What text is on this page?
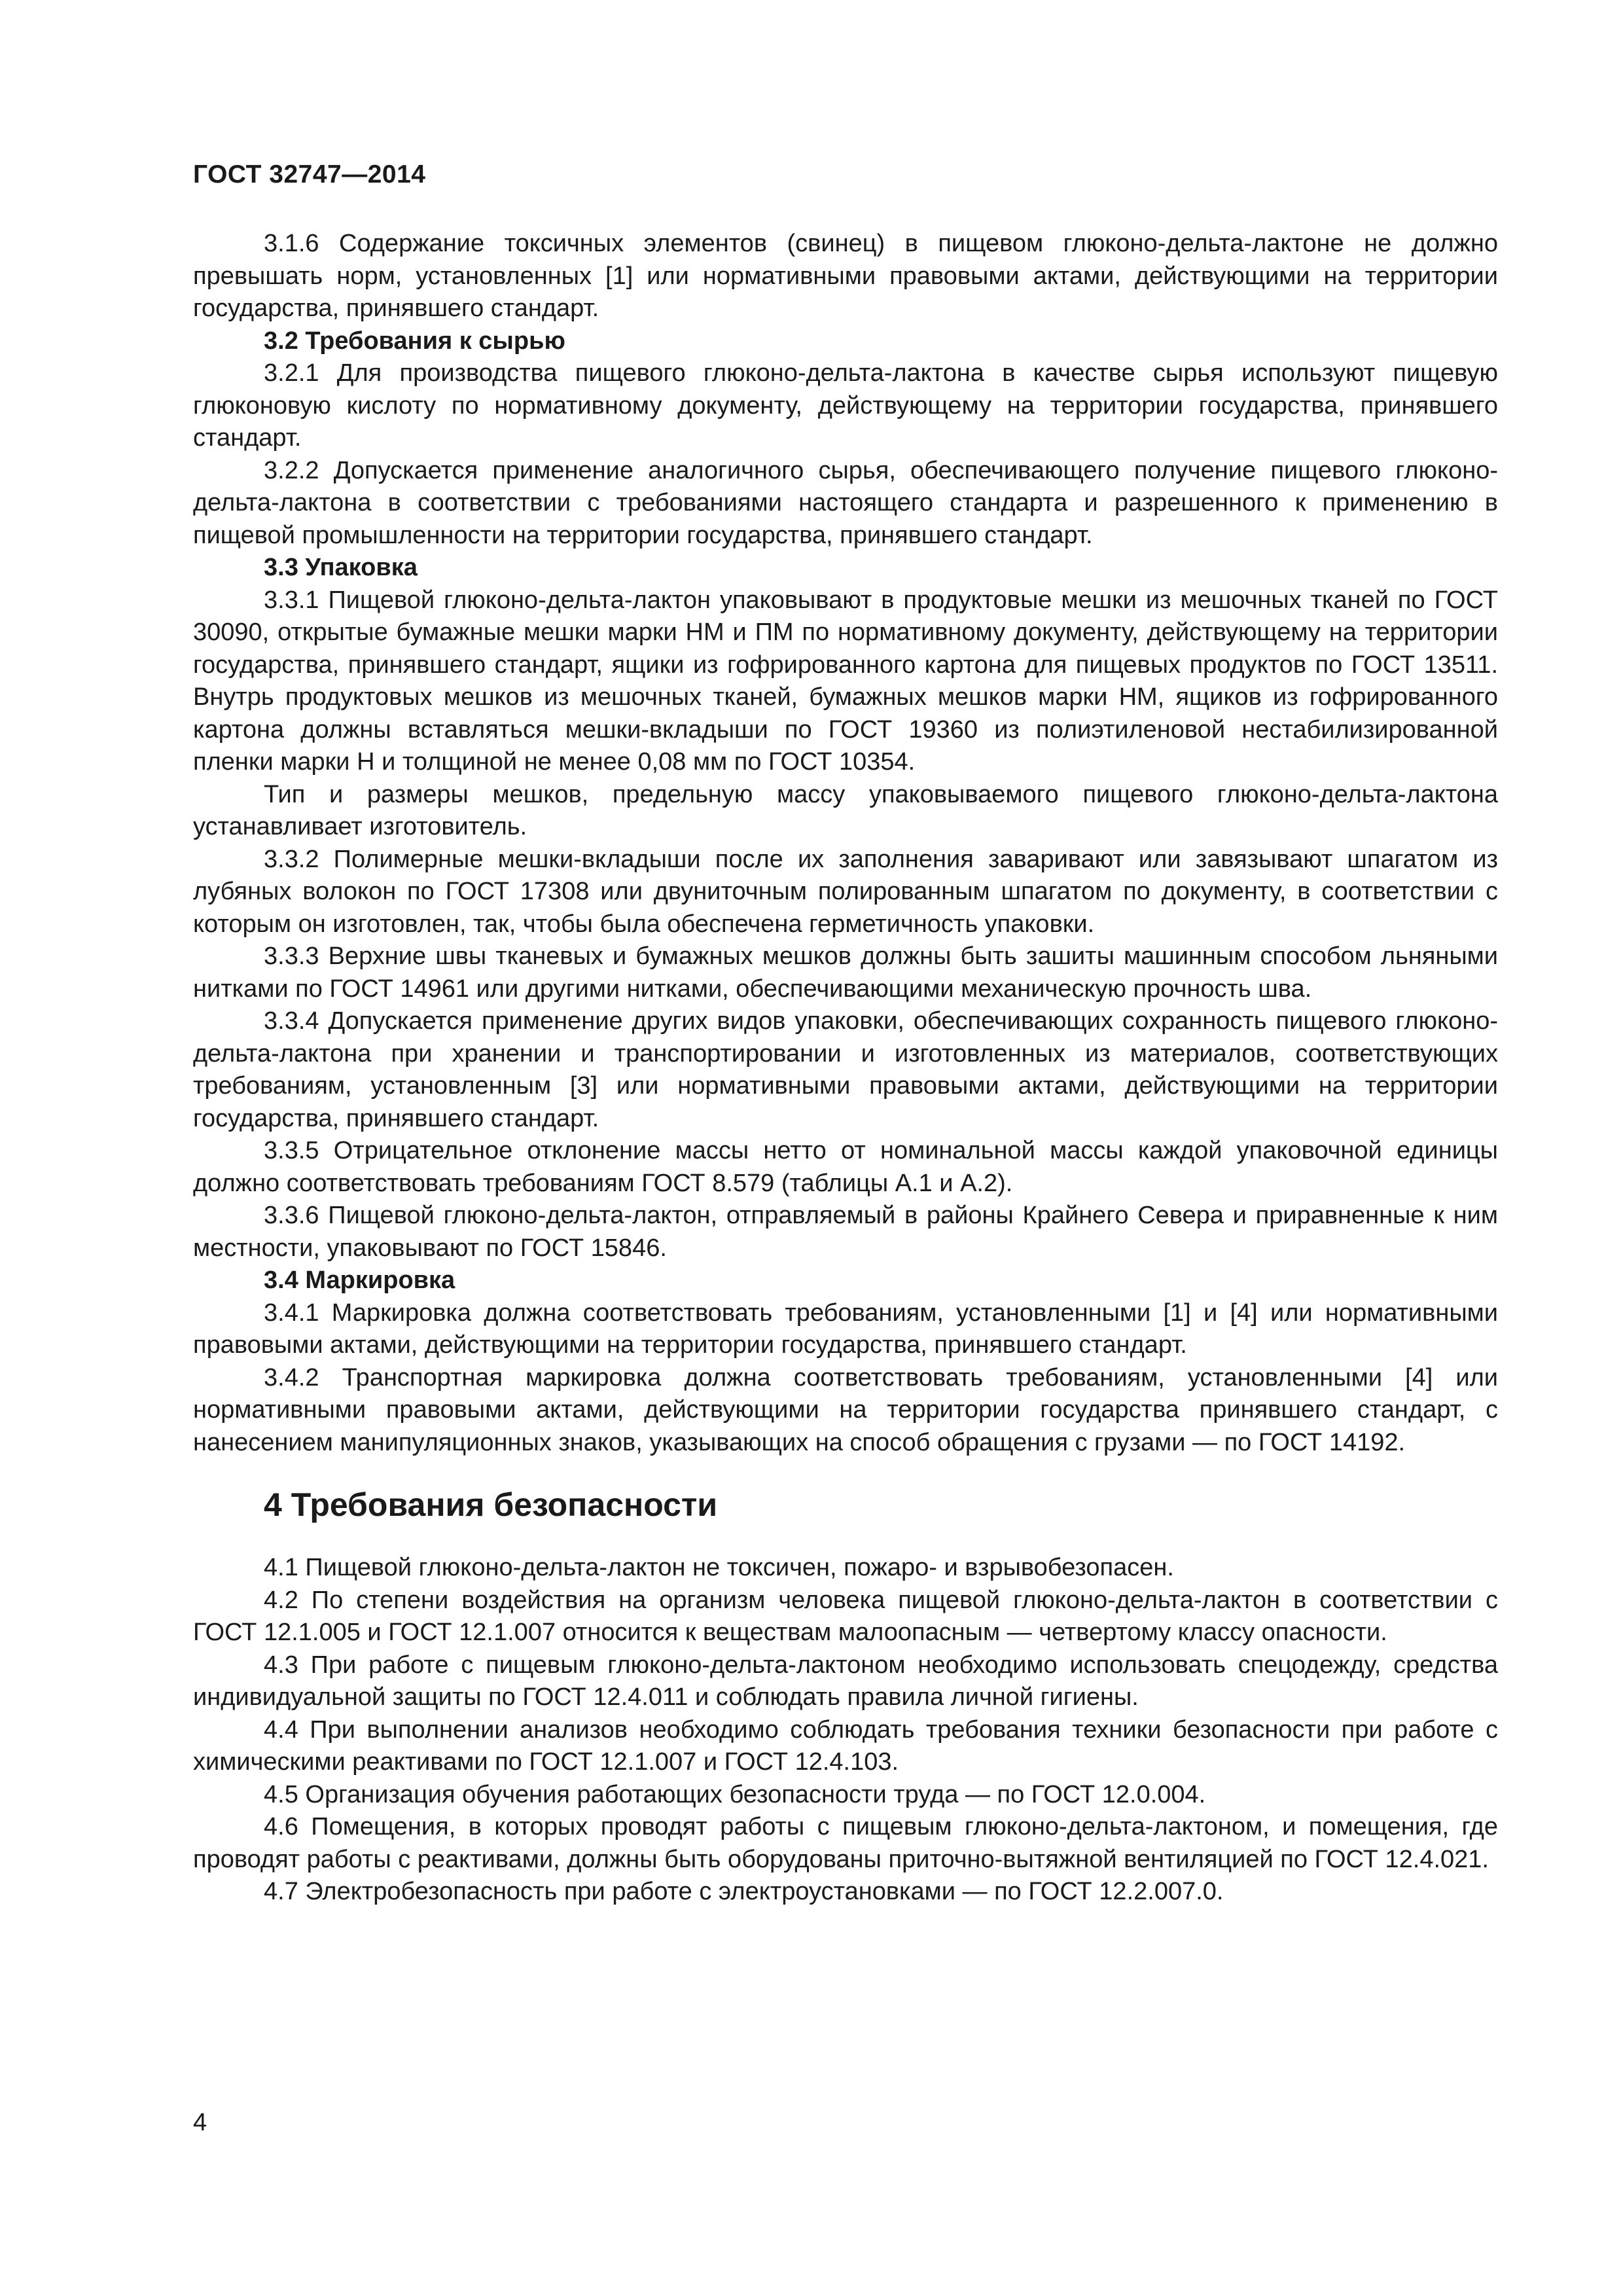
ГОСТ 32747—2014

3.1.6 Содержание токсичных элементов (свинец) в пищевом глюконо-дельта-лактоне не должно превышать норм, установленных [1] или нормативными правовыми актами, действующими на территории государства, принявшего стандарт.

3.2 Требования к сырью

3.2.1 Для производства пищевого глюконо-дельта-лактона в качестве сырья используют пищевую глюконовую кислоту по нормативному документу, действующему на территории государства, принявшего стандарт.

3.2.2 Допускается применение аналогичного сырья, обеспечивающего получение пищевого глюконо-дельта-лактона в соответствии с требованиями настоящего стандарта и разрешенного к применению в пищевой промышленности на территории государства, принявшего стандарт.

3.3 Упаковка

3.3.1 Пищевой глюконо-дельта-лактон упаковывают в продуктовые мешки из мешочных тканей по ГОСТ 30090, открытые бумажные мешки марки НМ и ПМ по нормативному документу, действующему на территории государства, принявшего стандарт, ящики из гофрированного картона для пищевых продуктов по ГОСТ 13511. Внутрь продуктовых мешков из мешочных тканей, бумажных мешков марки НМ, ящиков из гофрированного картона должны вставляться мешки-вкладыши по ГОСТ 19360 из полиэтиленовой нестабилизированной пленки марки Н и толщиной не менее 0,08 мм по ГОСТ 10354.

Тип и размеры мешков, предельную массу упаковываемого пищевого глюконо-дельта-лактона устанавливает изготовитель.

3.3.2 Полимерные мешки-вкладыши после их заполнения заваривают или завязывают шпагатом из лубяных волокон по ГОСТ 17308 или двуниточным полированным шпагатом по документу, в соответствии с которым он изготовлен, так, чтобы была обеспечена герметичность упаковки.

3.3.3 Верхние швы тканевых и бумажных мешков должны быть зашиты машинным способом льняными нитками по ГОСТ 14961 или другими нитками, обеспечивающими механическую прочность шва.

3.3.4 Допускается применение других видов упаковки, обеспечивающих сохранность пищевого глюконо-дельта-лактона при хранении и транспортировании и изготовленных из материалов, соответствующих требованиям, установленным [3] или нормативными правовыми актами, действующими на территории государства, принявшего стандарт.

3.3.5 Отрицательное отклонение массы нетто от номинальной массы каждой упаковочной единицы должно соответствовать требованиям ГОСТ 8.579 (таблицы А.1 и А.2).

3.3.6 Пищевой глюконо-дельта-лактон, отправляемый в районы Крайнего Севера и приравненные к ним местности, упаковывают по ГОСТ 15846.

3.4 Маркировка

3.4.1 Маркировка должна соответствовать требованиям, установленными [1] и [4] или нормативными правовыми актами, действующими на территории государства, принявшего стандарт.

3.4.2 Транспортная маркировка должна соответствовать требованиям, установленными [4] или нормативными правовыми актами, действующими на территории государства принявшего стандарт, с нанесением манипуляционных знаков, указывающих на способ обращения с грузами — по ГОСТ 14192.

4 Требования безопасности

4.1 Пищевой глюконо-дельта-лактон не токсичен, пожаро- и взрывобезопасен.

4.2 По степени воздействия на организм человека пищевой глюконо-дельта-лактон в соответствии с ГОСТ 12.1.005 и ГОСТ 12.1.007 относится к веществам малоопасным — четвертому классу опасности.

4.3 При работе с пищевым глюконо-дельта-лактоном необходимо использовать спецодежду, средства индивидуальной защиты по ГОСТ 12.4.011 и соблюдать правила личной гигиены.

4.4 При выполнении анализов необходимо соблюдать требования техники безопасности при работе с химическими реактивами по ГОСТ 12.1.007 и ГОСТ 12.4.103.

4.5 Организация обучения работающих безопасности труда — по ГОСТ 12.0.004.

4.6 Помещения, в которых проводят работы с пищевым глюконо-дельта-лактоном, и помещения, где проводят работы с реактивами, должны быть оборудованы приточно-вытяжной вентиляцией по ГОСТ 12.4.021.

4.7 Электробезопасность при работе с электроустановками — по ГОСТ 12.2.007.0.

4
